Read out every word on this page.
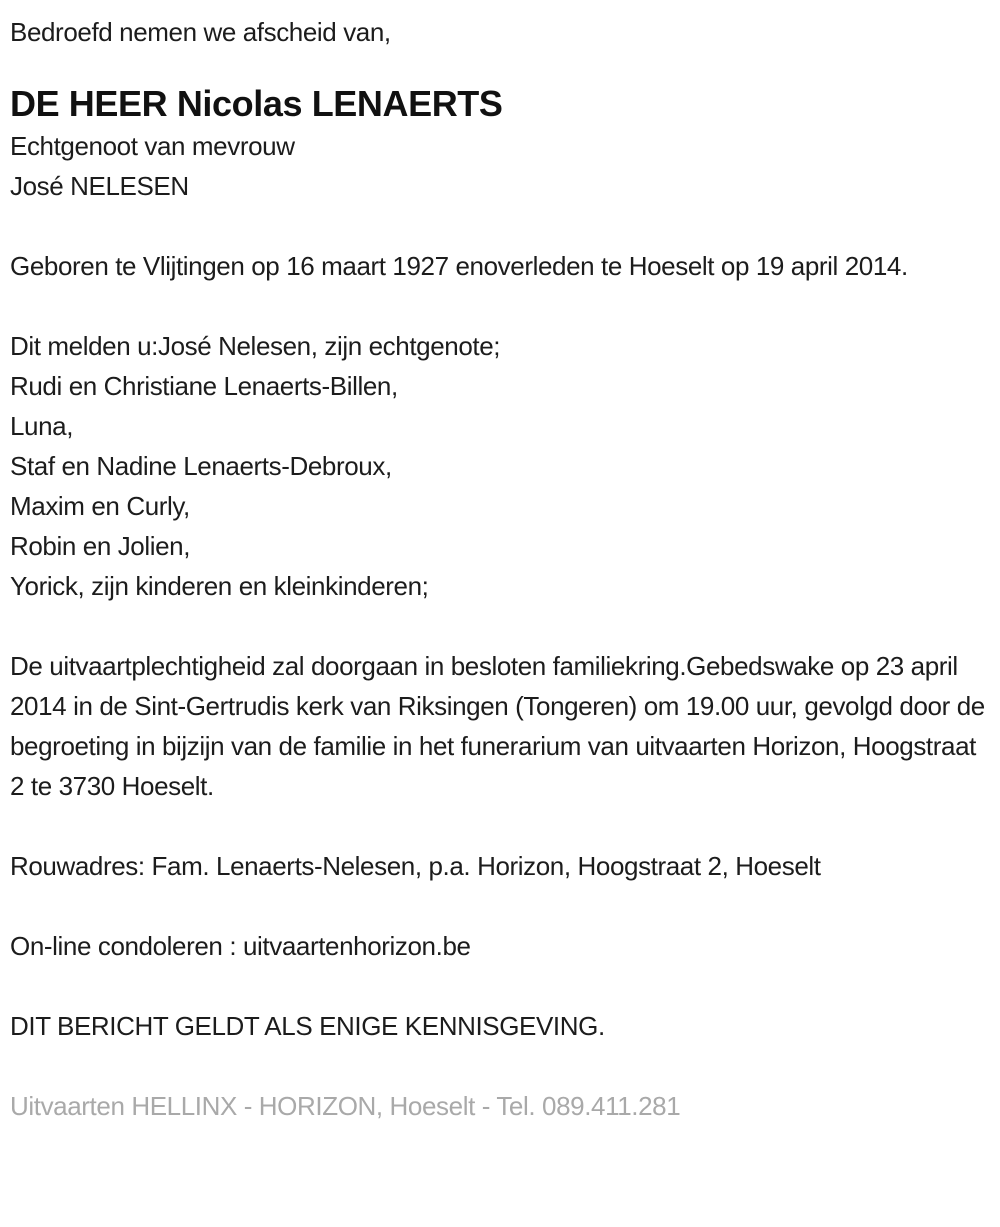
Bedroefd nemen we afscheid van,
DE HEER Nicolas LENAERTS
Echtgenoot van mevrouw
José NELESEN
Geboren te Vlijtingen op 16 maart 1927 enoverleden te Hoeselt op 19 april 2014.
Dit melden u:José Nelesen, zijn echtgenote;
Rudi en Christiane Lenaerts-Billen,
Luna,
Staf en Nadine Lenaerts-Debroux,
Maxim en Curly,
Robin en Jolien,
Yorick, zijn kinderen en kleinkinderen;
De uitvaartplechtigheid zal doorgaan in besloten familiekring.Gebedswake op 23 april 2014 in de Sint-Gertrudis kerk van Riksingen (Tongeren) om 19.00 uur, gevolgd door de begroeting in bijzijn van de familie in het funerarium van uitvaarten Horizon, Hoogstraat 2 te 3730 Hoeselt.
Rouwadres: Fam. Lenaerts-Nelesen, p.a. Horizon, Hoogstraat 2, Hoeselt
On-line condoleren : uitvaartenhorizon.be
DIT BERICHT GELDT ALS ENIGE KENNISGEVING.
Uitvaarten HELLINX - HORIZON, Hoeselt - Tel. 089.411.281
